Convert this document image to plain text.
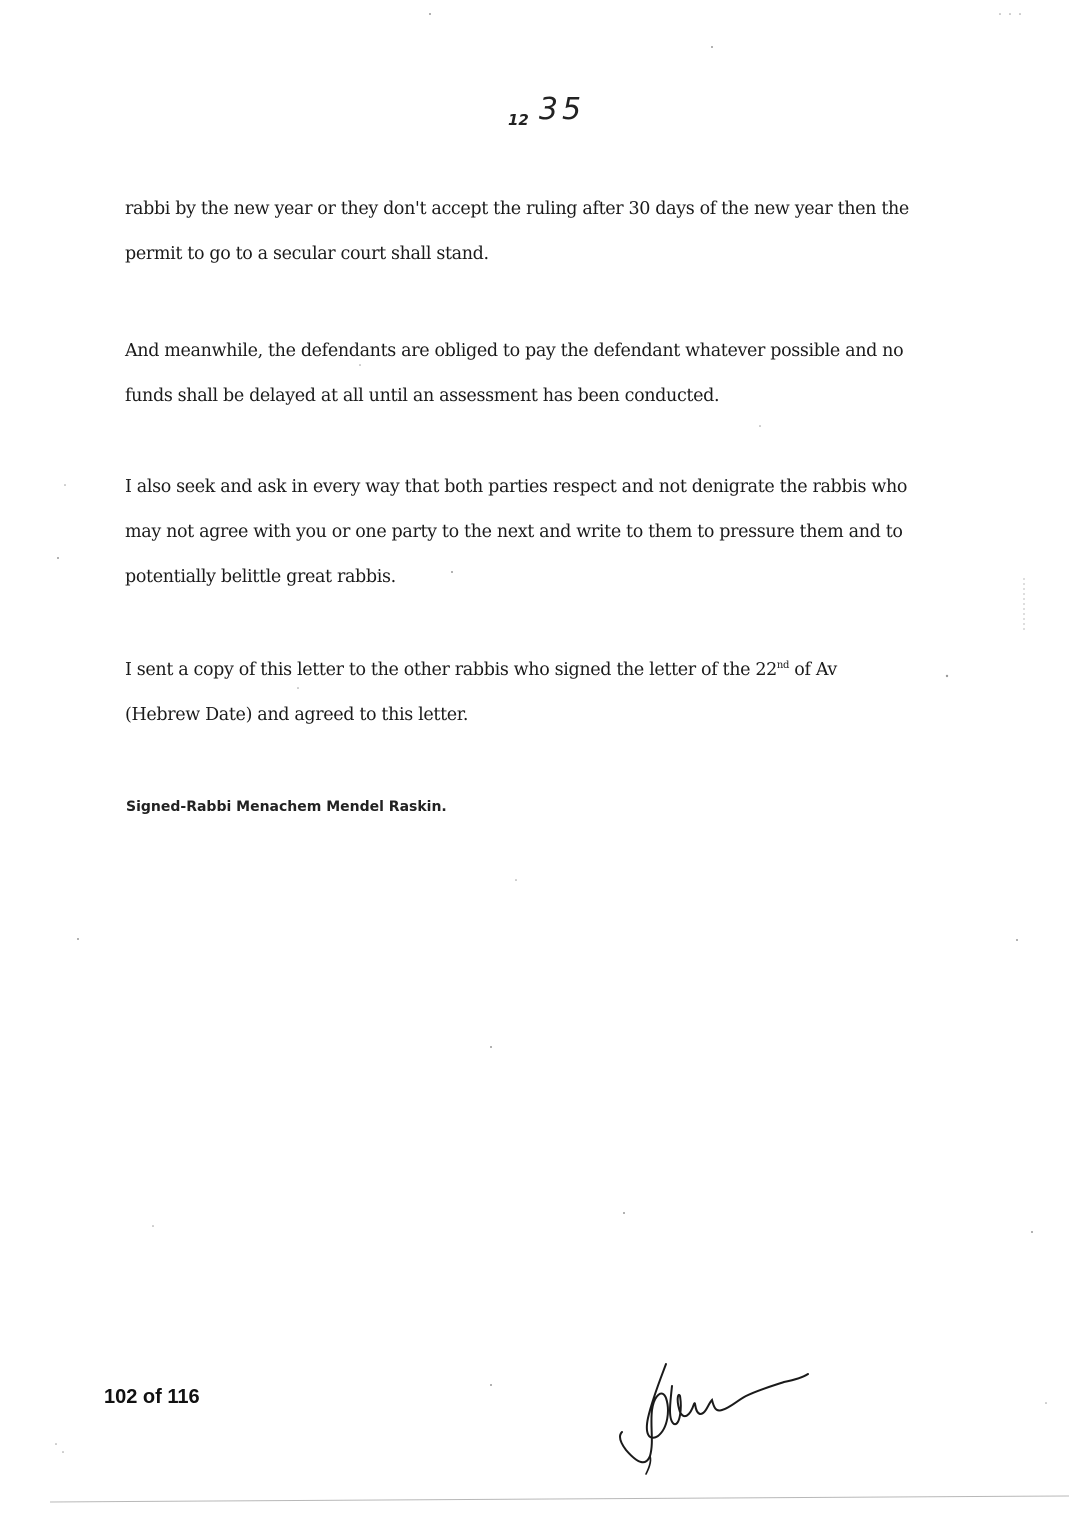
12 35

rabbi by the new year or they don't accept the ruling after 30 days of the new year then the
permit to go to a secular court shall stand.

And meanwhile, the defendants are obliged to pay the defendant whatever possible and no
funds shall be delayed at all until an assessment has been conducted.

I also seek and ask in every way that both parties respect and not denigrate the rabbis who
may not agree with you or one party to the next and write to them to pressure them and to
potentially belittle great rabbis.

I sent a copy of this letter to the other rabbis who signed the letter of the 22nd of Av
(Hebrew Date) and agreed to this letter.

Signed-Rabbi Menachem Mendel Raskin.
102 of 116
